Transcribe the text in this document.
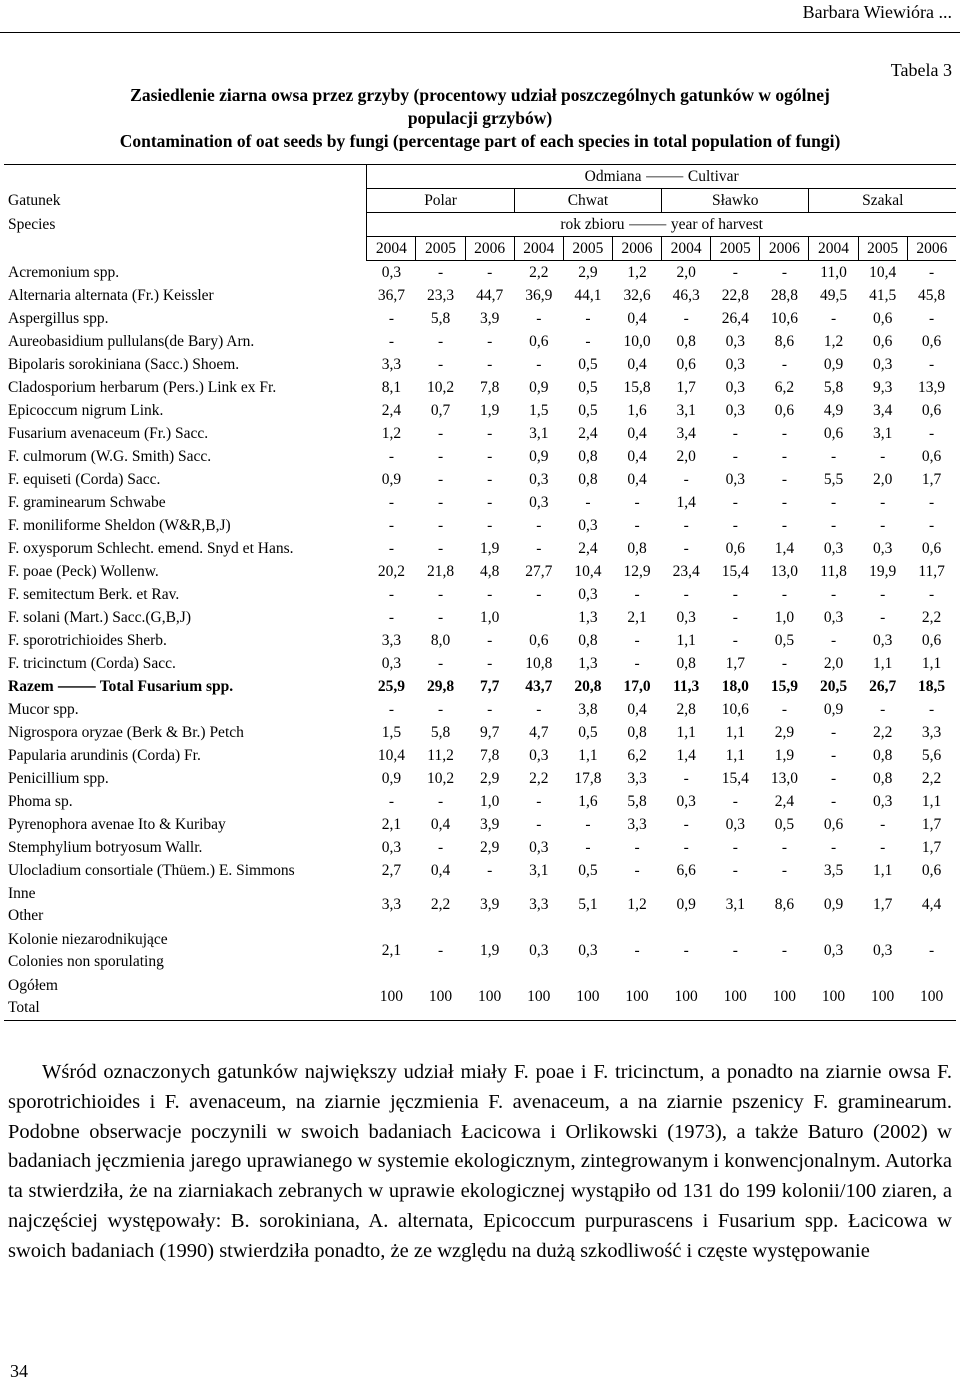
Barbara Wiewióra ...
Tabela 3
Zasiedlenie ziarna owsa przez grzyby (procentowy udział poszczególnych gatunków w ogólnej
populacji grzybów)
Contamination of oat seeds by fungi (percentage part of each species in total population of fungi)
Gatunek
Species	Odmiana ⸻ Cultivar											
	Polar			Chwat			Sławko			Szakal		
	rok zbioru ⸻ year of harvest											
	2004	2005	2006	2004	2005	2006	2004	2005	2006	2004	2005	2006
Acremonium spp.	0,3	-	-	2,2	2,9	1,2	2,0	-	-	11,0	10,4	-
Alternaria alternata (Fr.) Keissler	36,7	23,3	44,7	36,9	44,1	32,6	46,3	22,8	28,8	49,5	41,5	45,8
Aspergillus spp.	-	5,8	3,9	-	-	0,4	-	26,4	10,6	-	0,6	-
Aureobasidium pullulans(de Bary) Arn.	-	-	-	0,6	-	10,0	0,8	0,3	8,6	1,2	0,6	0,6
Bipolaris sorokiniana (Sacc.) Shoem.	3,3	-	-	-	0,5	0,4	0,6	0,3	-	0,9	0,3	-
Cladosporium herbarum (Pers.) Link ex Fr.	8,1	10,2	7,8	0,9	0,5	15,8	1,7	0,3	6,2	5,8	9,3	13,9
Epicoccum nigrum Link.	2,4	0,7	1,9	1,5	0,5	1,6	3,1	0,3	0,6	4,9	3,4	0,6
Fusarium avenaceum (Fr.) Sacc.	1,2	-	-	3,1	2,4	0,4	3,4	-	-	0,6	3,1	-
F. culmorum (W.G. Smith) Sacc.	-	-	-	0,9	0,8	0,4	2,0	-	-	-	-	0,6
F. equiseti (Corda) Sacc.	0,9	-	-	0,3	0,8	0,4	-	0,3	-	5,5	2,0	1,7
F. graminearum Schwabe	-	-	-	0,3	-	-	1,4	-	-	-	-	-
F. moniliforme Sheldon (W&R,B,J)	-	-	-	-	0,3	-	-	-	-	-	-	-
F. oxysporum Schlecht. emend. Snyd et Hans.	-	-	1,9	-	2,4	0,8	-	0,6	1,4	0,3	0,3	0,6
F. poae (Peck) Wollenw.	20,2	21,8	4,8	27,7	10,4	12,9	23,4	15,4	13,0	11,8	19,9	11,7
F. semitectum Berk. et Rav.	-	-	-	-	0,3	-	-	-	-	-	-	-
F. solani (Mart.) Sacc.(G,B,J)	-	-	1,0		1,3	2,1	0,3	-	1,0	0,3	-	2,2
F. sporotrichioides Sherb.	3,3	8,0	-	0,6	0,8	-	1,1	-	0,5	-	0,3	0,6
F. tricinctum (Corda) Sacc.	0,3	-	-	10,8	1,3	-	0,8	1,7	-	2,0	1,1	1,1
Razem ⸻ Total Fusarium spp.	25,9	29,8	7,7	43,7	20,8	17,0	11,3	18,0	15,9	20,5	26,7	18,5
Mucor spp.	-	-	-	-	3,8	0,4	2,8	10,6	-	0,9	-	-
Nigrospora oryzae (Berk & Br.) Petch	1,5	5,8	9,7	4,7	0,5	0,8	1,1	1,1	2,9	-	2,2	3,3
Papularia arundinis (Corda) Fr.	10,4	11,2	7,8	0,3	1,1	6,2	1,4	1,1	1,9	-	0,8	5,6
Penicillium spp.	0,9	10,2	2,9	2,2	17,8	3,3	-	15,4	13,0	-	0,8	2,2
Phoma sp.	-	-	1,0	-	1,6	5,8	0,3	-	2,4	-	0,3	1,1
Pyrenophora avenae Ito & Kuribay	2,1	0,4	3,9	-	-	3,3	-	0,3	0,5	0,6	-	1,7
Stemphylium botryosum Wallr.	0,3	-	2,9	0,3	-	-	-	-	-	-	-	1,7
Ulocladium consortiale (Thüem.) E. Simmons	2,7	0,4	-	3,1	0,5	-	6,6	-	-	3,5	1,1	0,6

Inne
Other	3,3	2,2	3,9	3,3	5,1	1,2	0,9	3,1	8,6	0,9	1,7	4,4

Kolonie niezarodnikujące
Colonies non sporulating	2,1	-	1,9	0,3	0,3	-	-	-	-	0,3	0,3	-

Ogółem
Total	100	100	100	100	100	100	100	100	100	100	100	100

Wśród oznaczonych gatunków największy udział miały F. poae i F. tricinctum, a ponadto na ziarnie owsa F. sporotrichioides i F. avenaceum, na ziarnie jęczmienia F. avenaceum, a na ziarnie pszenicy F. graminearum. Podobne obserwacje poczynili w swoich badaniach Łacicowa i Orlikowski (1973), a także Baturo (2002) w badaniach jęczmienia jarego uprawianego w systemie ekologicznym, zintegrowanym i konwencjonalnym. Autorka ta stwierdziła, że na ziarniakach zebranych w uprawie ekologicznej wystąpiło od 131 do 199 kolonii/100 ziaren, a najczęściej występowały: B. sorokiniana, A. alternata, Epicoccum purpurascens i Fusarium spp. Łacicowa w swoich badaniach (1990) stwierdziła ponadto, że ze względu na dużą szkodliwość i częste występowanie

34
